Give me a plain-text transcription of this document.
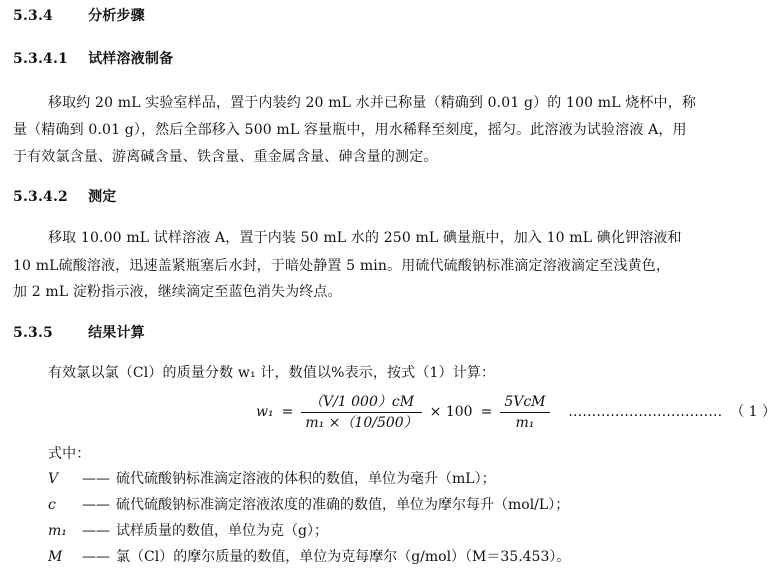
5.3.4	分析步骤
5.3.4.1 试样溶液制备
移取约 20 mL 实验室样品，置于内装约 20 mL 水并已称量（精确到 0.01 g）的 100 mL 烧杯中，称
量（精确到 0.01 g），然后全部移入 500 mL 容量瓶中，用水稀释至刻度，摇匀。此溶液为试验溶液 A，用
于有效氯含量、游离碱含量、铁含量、重金属含量、砷含量的测定。
5.3.4.2 测定
移取 10.00 mL 试样溶液 A，置于内装 50 mL 水的 250 mL 碘量瓶中，加入 10 mL 碘化钾溶液和
10 mL硫酸溶液，迅速盖紧瓶塞后水封，于暗处静置 5 min。用硫代硫酸钠标准滴定溶液滴定至浅黄色，
加 2 mL 淀粉指示液，继续滴定至蓝色消失为终点。
5.3.5	结果计算
有效氯以氯（Cl）的质量分数 w₁ 计，数值以%表示，按式（1）计算：
$w_1 = \frac{(V/1 000)cM}{\text{m₁ ×（10/500）}} \times 100 = \frac{\text{5VcM}}{\text{m₁}}$ …………………………… （ 1 ）
式中：
V	—— 硫代硫酸钠标准滴定溶液的体积的数值，单位为毫升（mL）；
c	—— 硫代硫酸钠标准滴定溶液浓度的准确的数值，单位为摩尔每升（mol/L）；
m₁	—— 试样质量的数值，单位为克（g）；
M	—— 氯（Cl）的摩尔质量的数值，单位为克每摩尔（g/mol）（M＝35.453）。
